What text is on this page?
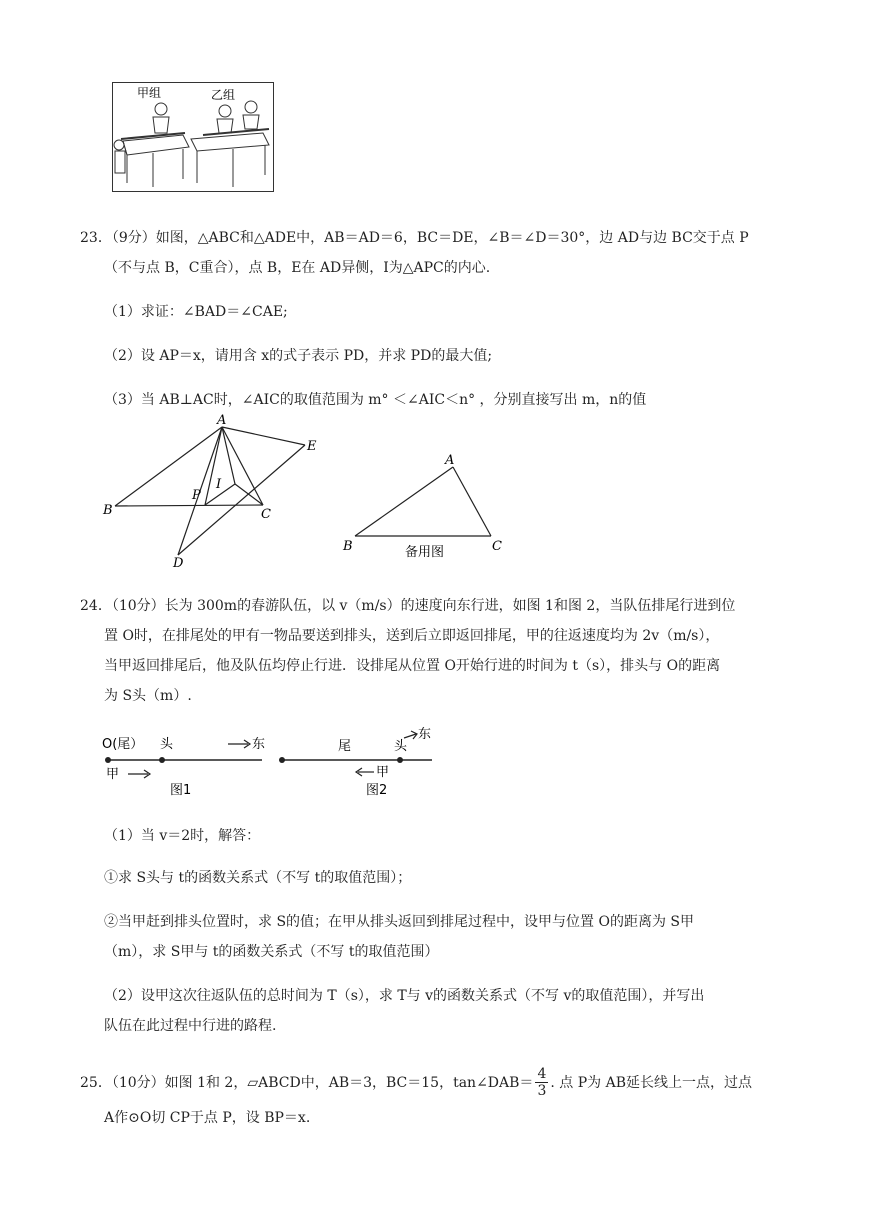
甲组	乙组
23．（9分）如图，△ABC和△ADE中，AB＝AD＝6，BC＝DE，∠B＝∠D＝30°，边 AD与边 BC交于点 P
（不与点 B，C重合），点 B，E在 AD异侧，I为△APC的内心.
（1）求证：∠BAD＝∠CAE;
（2）设 AP＝x，请用含 x的式子表示 PD，并求 PD的最大值;
（3）当 AB⊥AC时，∠AIC的取值范围为 m° ＜∠AIC＜n° ，分别直接写出 m，n的值
A
B	C
D
E
P
I
A
B	C
备用图
24．（10分）长为 300m的春游队伍，以 v（m/s）的速度向东行进，如图 1和图 2，当队伍排尾行进到位
置 O时，在排尾处的甲有一物品要送到排头，送到后立即返回排尾，甲的往返速度均为 2v（m/s），
当甲返回排尾后，他及队伍均停止行进．设排尾从位置 O开始行进的时间为 t（s），排头与 O的距离
为 S头（m）.
O(尾） 头	东
甲
图1
尾	头
东
甲
图2
（1）当 v＝2时，解答：
①求 S头与 t的函数关系式（不写 t的取值范围）；
②当甲赶到排头位置时，求 S的值；在甲从排头返回到排尾过程中，设甲与位置 O的距离为 S甲
（m），求 S甲与 t的函数关系式（不写 t的取值范围）
（2）设甲这次往返队伍的总时间为 T（s），求 T与 v的函数关系式（不写 v的取值范围），并写出
队伍在此过程中行进的路程.
25．（10分）如图 1和 2，▱ABCD中，AB＝3，BC＝15，tan∠DAB＝ $\frac{4}{3}$ . 点 P为 AB延长线上一点，过点
A作⊙O切 CP于点 P，设 BP＝x.
